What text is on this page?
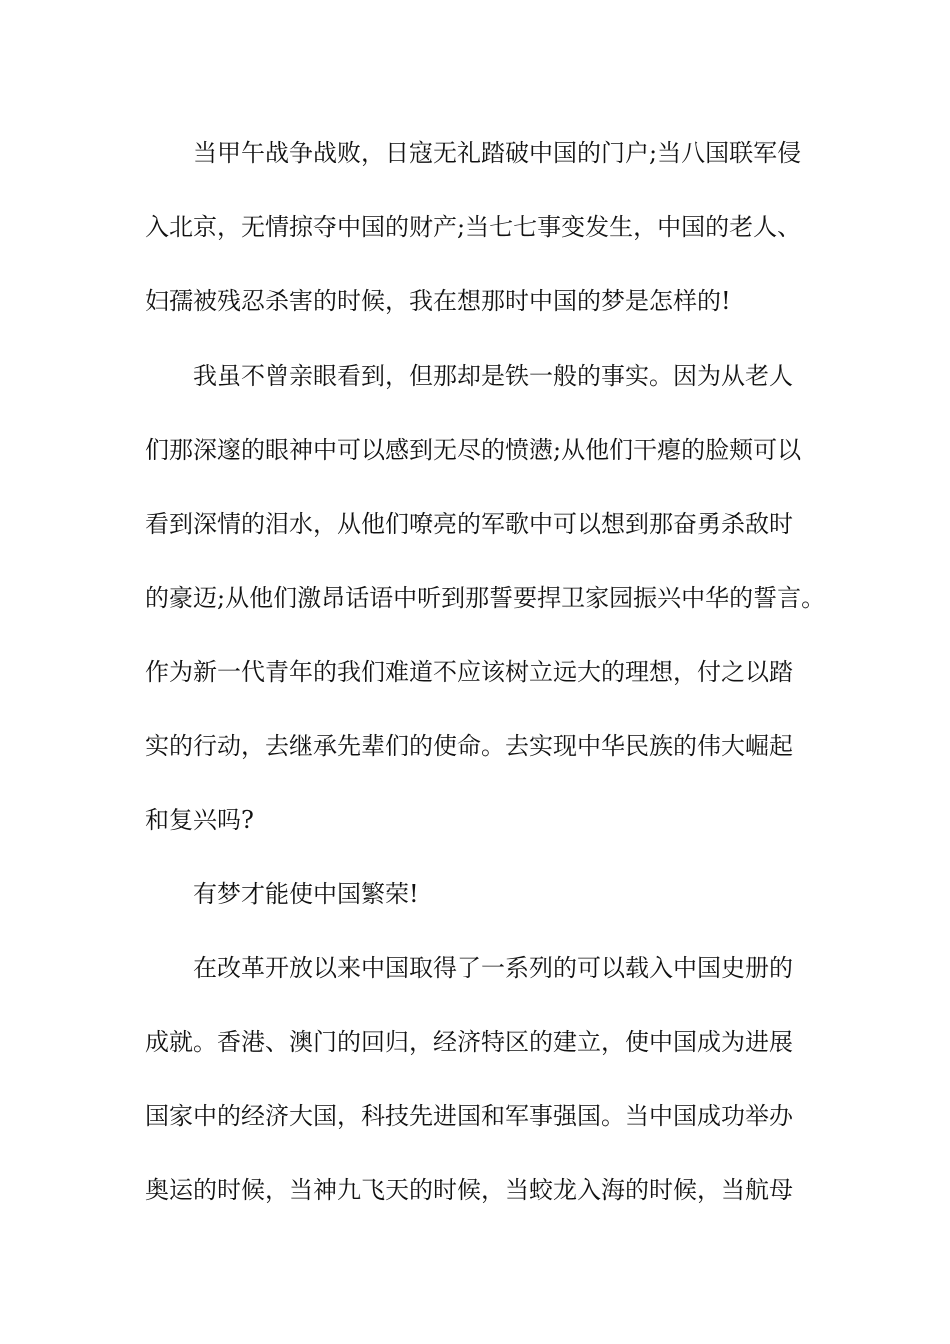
当甲午战争战败，日寇无礼踏破中国的门户;当八国联军侵
入北京，无情掠夺中国的财产;当七七事变发生，中国的老人、
妇孺被残忍杀害的时候，我在想那时中国的梦是怎样的!
我虽不曾亲眼看到，但那却是铁一般的事实。因为从老人
们那深邃的眼神中可以感到无尽的愤懑;从他们干瘪的脸颊可以
看到深情的泪水，从他们嘹亮的军歌中可以想到那奋勇杀敌时
的豪迈;从他们激昂话语中听到那誓要捍卫家园振兴中华的誓言。
作为新一代青年的我们难道不应该树立远大的理想，付之以踏
实的行动，去继承先辈们的使命。去实现中华民族的伟大崛起
和复兴吗?
有梦才能使中国繁荣!
在改革开放以来中国取得了一系列的可以载入中国史册的
成就。香港、澳门的回归，经济特区的建立，使中国成为进展
国家中的经济大国，科技先进国和军事强国。当中国成功举办
奥运的时候，当神九飞天的时候，当蛟龙入海的时候，当航母
